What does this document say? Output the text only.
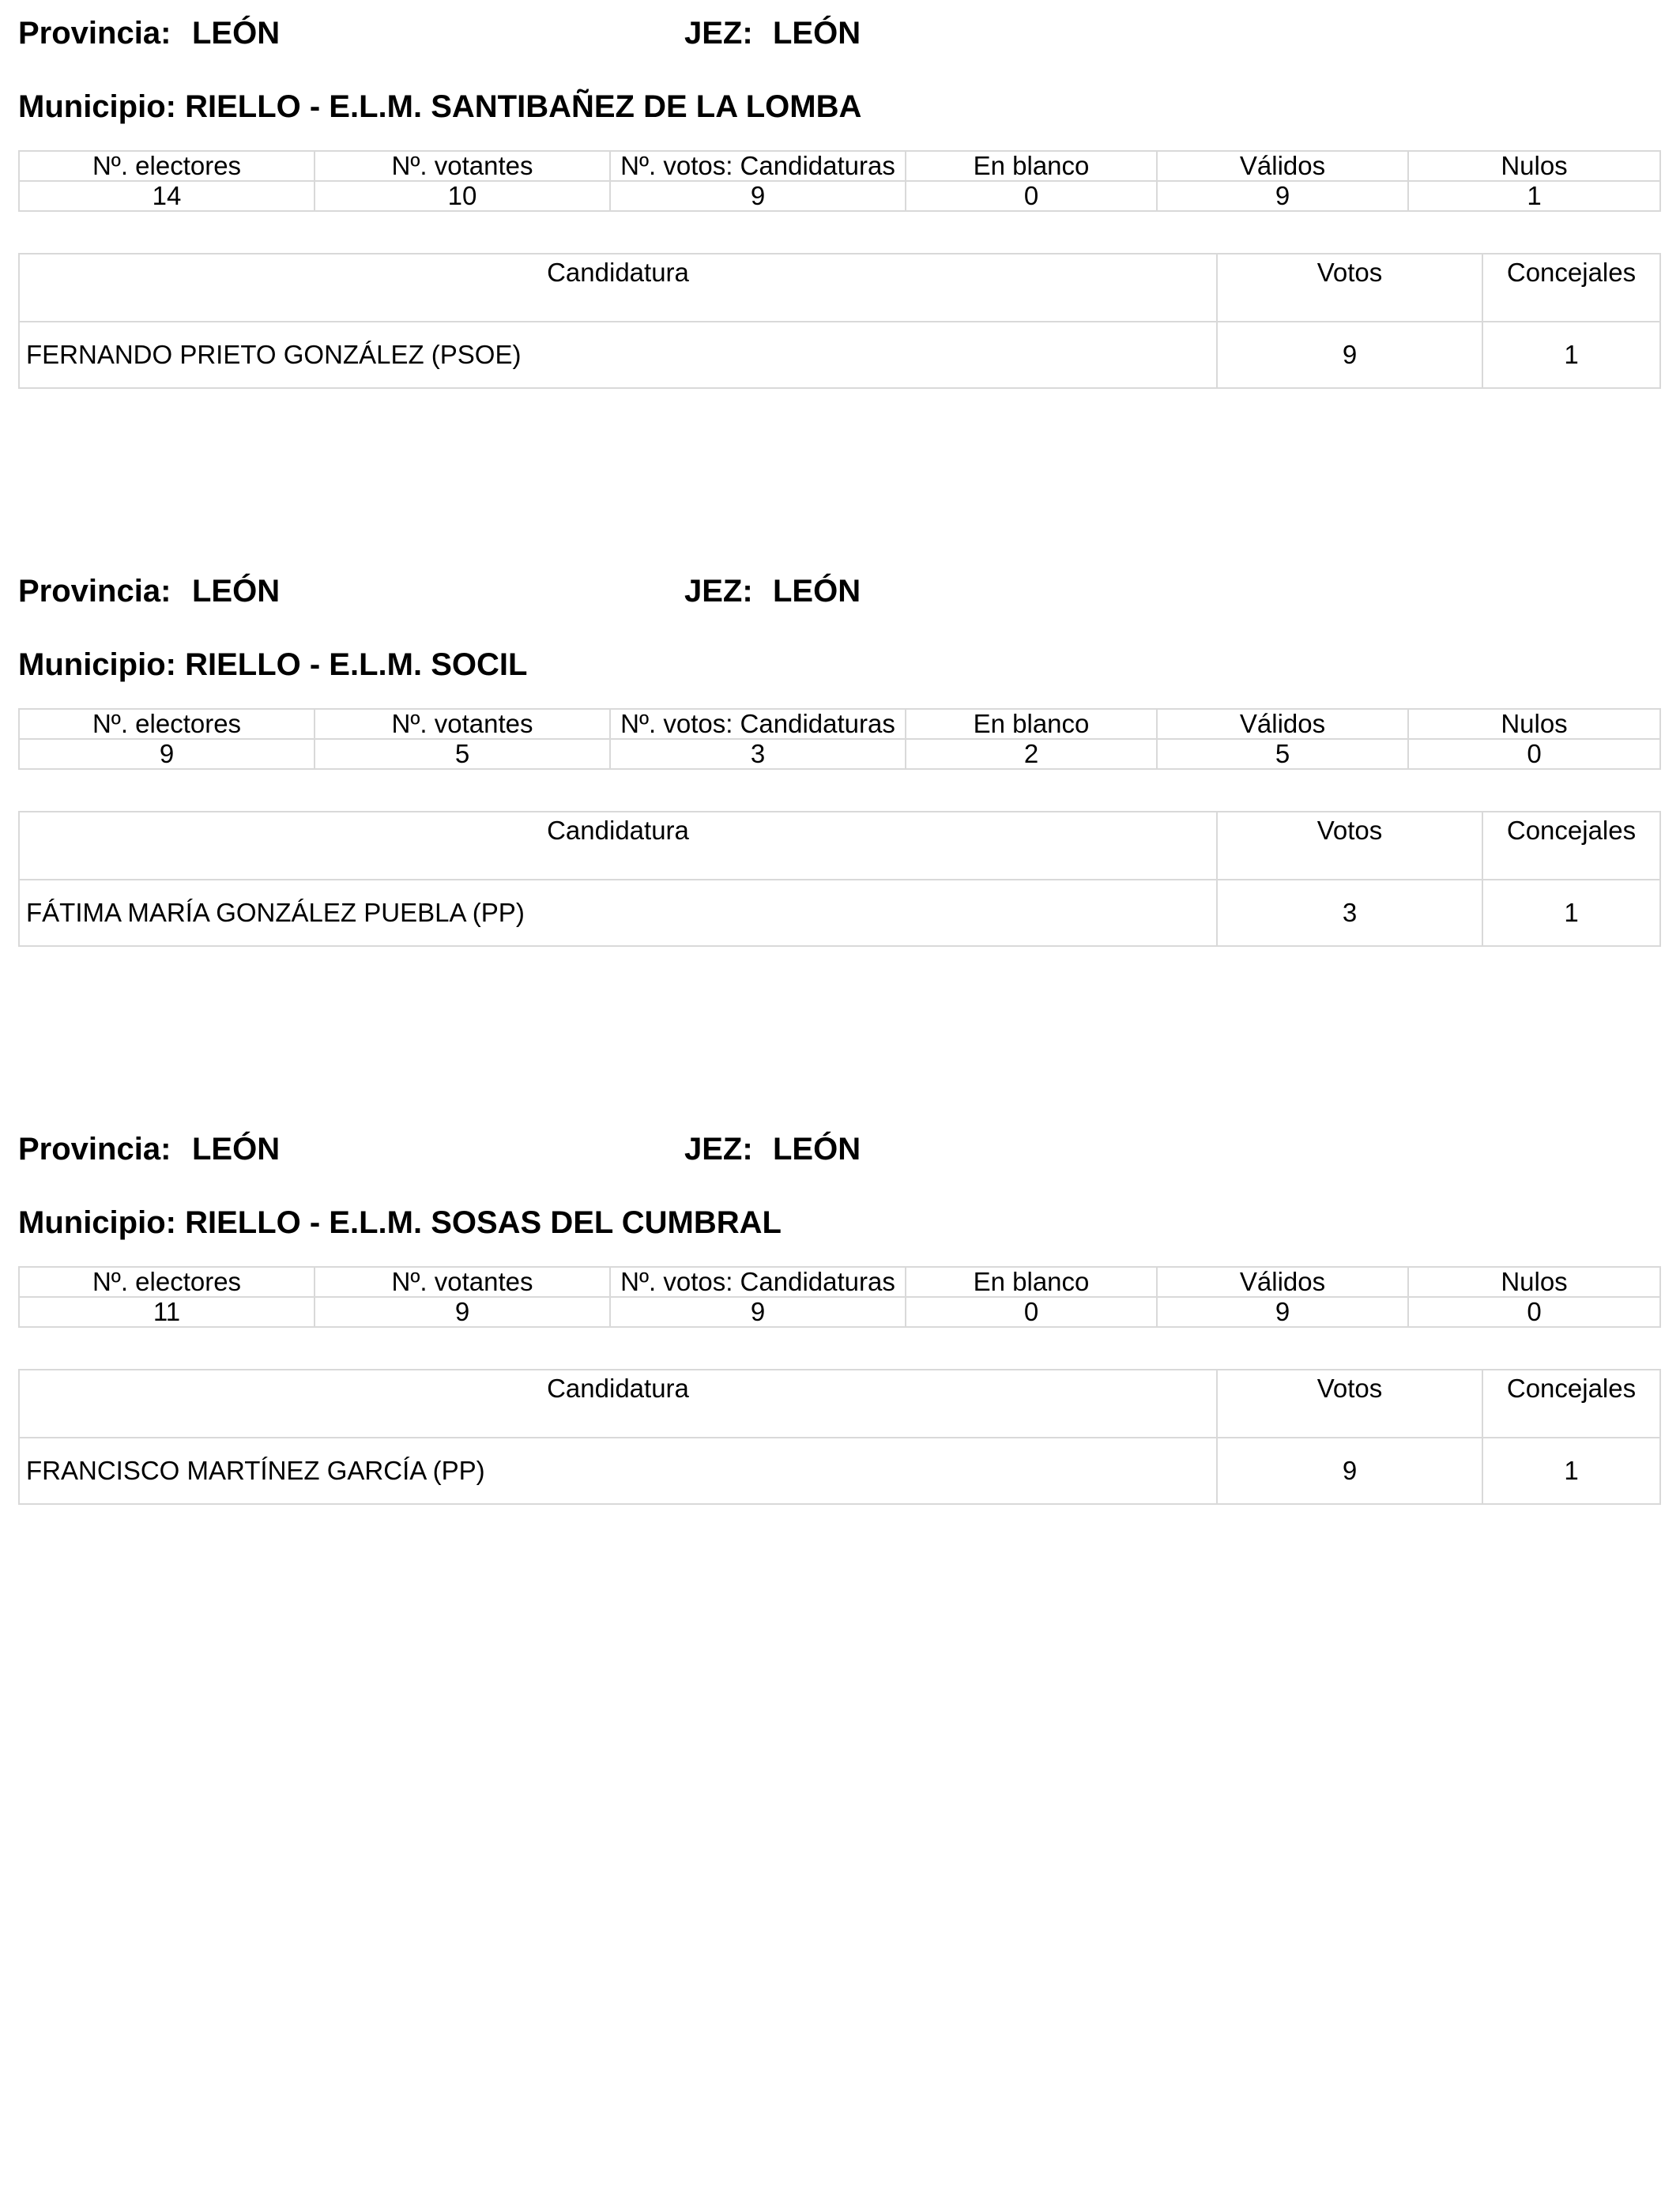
Provincia: LEÓN	JEZ: LEÓN
Municipio: RIELLO - E.L.M. SANTIBAÑEZ DE LA LOMBA
Nº. electores	Nº. votantes	Nº. votos: Candidaturas	En blanco	Válidos	Nulos
14	10	9	0	9	1
Candidatura	Votos	Concejales
FERNANDO PRIETO GONZÁLEZ (PSOE)	9	1
Provincia: LEÓN	JEZ: LEÓN
Municipio: RIELLO - E.L.M. SOCIL
Nº. electores	Nº. votantes	Nº. votos: Candidaturas	En blanco	Válidos	Nulos
9	5	3	2	5	0
Candidatura	Votos	Concejales
FÁTIMA MARÍA GONZÁLEZ PUEBLA (PP)	3	1
Provincia: LEÓN	JEZ: LEÓN
Municipio: RIELLO - E.L.M. SOSAS DEL CUMBRAL
Nº. electores	Nº. votantes	Nº. votos: Candidaturas	En blanco	Válidos	Nulos
11	9	9	0	9	0
Candidatura	Votos	Concejales
FRANCISCO MARTÍNEZ GARCÍA (PP)	9	1
